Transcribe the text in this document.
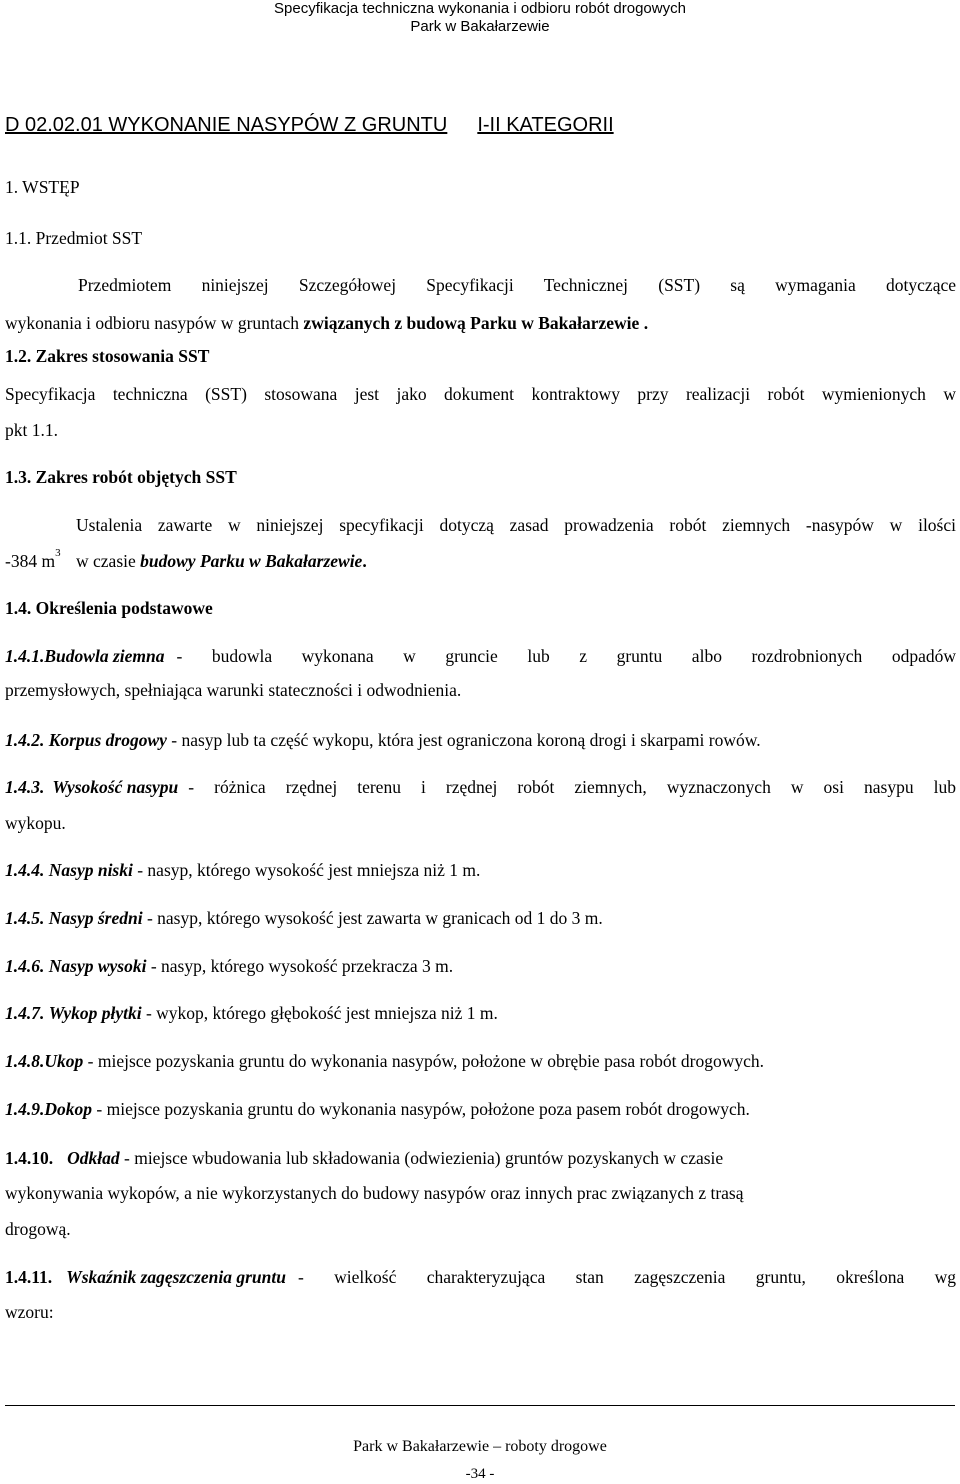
Specyfikacja techniczna wykonania i odbioru robót drogowych
Park w Bakałarzewie
D 02.02.01 WYKONANIE NASYPÓW Z GRUNTU I-II KATEGORII
1. WSTĘP
1.1. Przedmiot SST
Przedmiotem niniejszej Szczegółowej Specyfikacji Technicznej (SST) są wymagania dotyczące
wykonania i odbioru nasypów w gruntach związanych z budową Parku w Bakałarzewie .
1.2. Zakres stosowania SST
Specyfikacja techniczna (SST) stosowana jest jako dokument kontraktowy przy realizacji robót wymienionych w
pkt 1.1.
1.3. Zakres robót objętych SST
Ustalenia zawarte w niniejszej specyfikacji dotyczą zasad prowadzenia robót ziemnych -nasypów w ilości
-384 $m^3$ w czasie budowy Parku w Bakałarzewie.
1.4. Określenia podstawowe
1.4.1. Budowla ziemna - budowla wykonana w gruncie lub z gruntu albo rozdrobnionych odpadów
przemysłowych, spełniająca warunki stateczności i odwodnienia.
1.4.2. Korpus drogowy - nasyp lub ta część wykopu, która jest ograniczona koroną drogi i skarpami rowów.
1.4.3. Wysokość nasypu - różnica rzędnej terenu i rzędnej robót ziemnych, wyznaczonych w osi nasypu lub
wykopu.
1.4.4. Nasyp niski - nasyp, którego wysokość jest mniejsza niż 1 m.
1.4.5. Nasyp średni - nasyp, którego wysokość jest zawarta w granicach od 1 do 3 m.
1.4.6. Nasyp wysoki - nasyp, którego wysokość przekracza 3 m.
1.4.7. Wykop płytki - wykop, którego głębokość jest mniejsza niż 1 m.
1.4.8.Ukop - miejsce pozyskania gruntu do wykonania nasypów, położone w obrębie pasa robót drogowych.
1.4.9.Dokop - miejsce pozyskania gruntu do wykonania nasypów, położone poza pasem robót drogowych.
1.4.10. Odkład - miejsce wbudowania lub składowania (odwiezienia) gruntów pozyskanych w czasie
wykonywania wykopów, a nie wykorzystanych do budowy nasypów oraz innych prac związanych z trasą
drogową.
1.4.11. Wskaźnik zagęszczenia gruntu - wielkość charakteryzująca stan zagęszczenia gruntu, określona wg
wzoru:
Park w Bakałarzewie – roboty drogowe
-34 -
